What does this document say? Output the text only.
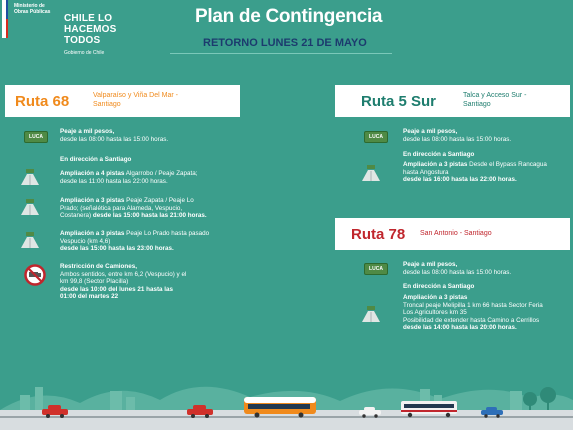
Ministerio de Obras Públicas
CHILE LO
HACEMOS
TODOS
Gobierno de Chile
Plan de Contingencia
RETORNO LUNES 21 DE MAYO
Ruta 68	Valparaíso y Viña Del Mar -
Santiago
LUCA
Peaje a mil pesos,
desde las 08:00 hasta las 15:00 horas.
En dirección a Santiago
Ampliación a 4 pistas Algarrobo / Peaje Zapata;
desde las 11:00 hasta las 22:00 horas.
Ampliación a 3 pistas Peaje Zapata / Peaje Lo
Prado; (señalética para Alameda, Vespucio,
Costanera) desde las 15:00 hasta las 21:00 horas.
Ampliación a 3 pistas Peaje Lo Prado hasta pasado
Vespucio (km 4,6)
desde las 15:00 hasta las 23:00 horas.
Restricción de Camiones,
Ambos sentidos, entre km 6,2 (Vespucio) y el
km 99,8 (Sector Placilla)
desde las 10:00 del lunes 21 hasta las
01:00 del martes 22
Ruta 5 Sur	Talca y Acceso Sur -
Santiago
LUCA
Peaje a mil pesos,
desde las 08:00 hasta las 15:00 horas.
En dirección a Santiago
Ampliación a 3 pistas Desde el Bypass Rancagua
hasta Angostura
desde las 16:00 hasta las 22:00 horas.
Ruta 78 San Antonio - Santiago
LUCA
Peaje a mil pesos,
desde las 08:00 hasta las 15:00 horas.
En dirección a Santiago
Ampliación a 3 pistas
Troncal peaje Melipilla 1 km 66 hasta Sector Feria
Los Agricultores km 35
Posibilidad de extender hasta Camino a Cerrillos
desde las 14:00 hasta las 20:00 horas.
